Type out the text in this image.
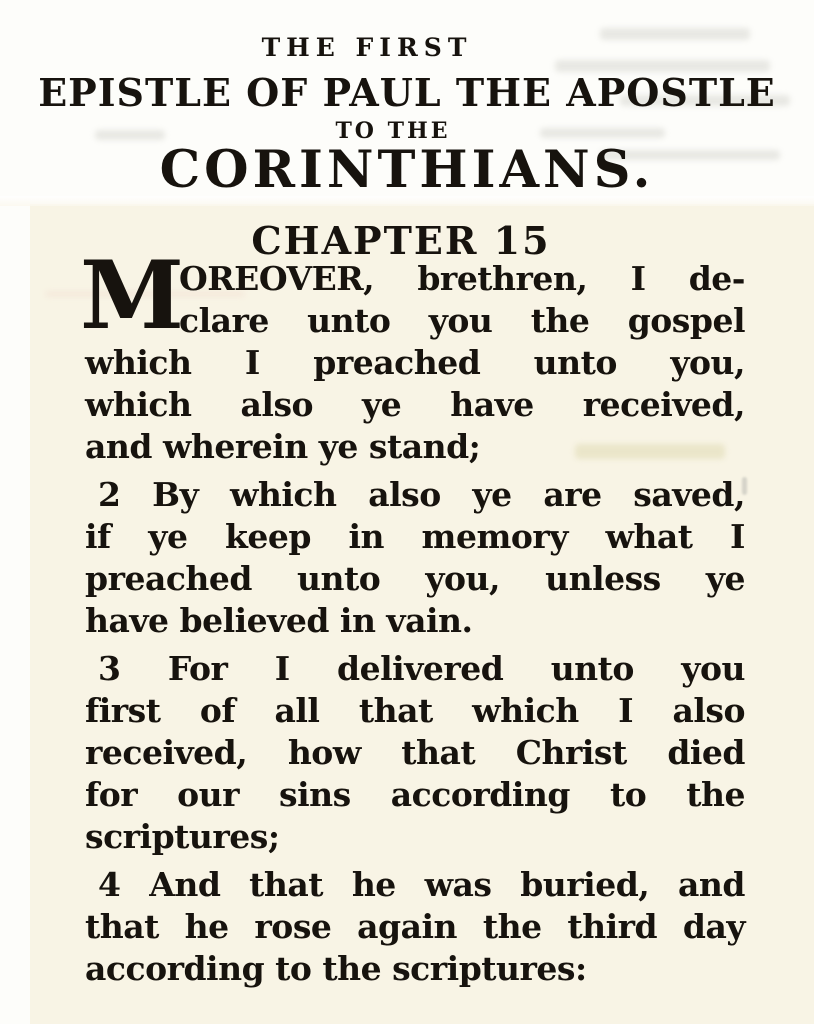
THE FIRST
EPISTLE OF PAUL THE APOSTLE
TO THE
CORINTHIANS.
CHAPTER 15
M
OREOVER, brethren, I de-
clare unto you the gospel
which I preached unto you,
which also ye have received,
and wherein ye stand;
2 By which also ye are saved,
if ye keep in memory what I
preached unto you, unless ye
have believed in vain.
3 For I delivered unto you
first of all that which I also
received, how that Christ died
for our sins according to the
scriptures;
4 And that he was buried, and
that he rose again the third day
according to the scriptures:
